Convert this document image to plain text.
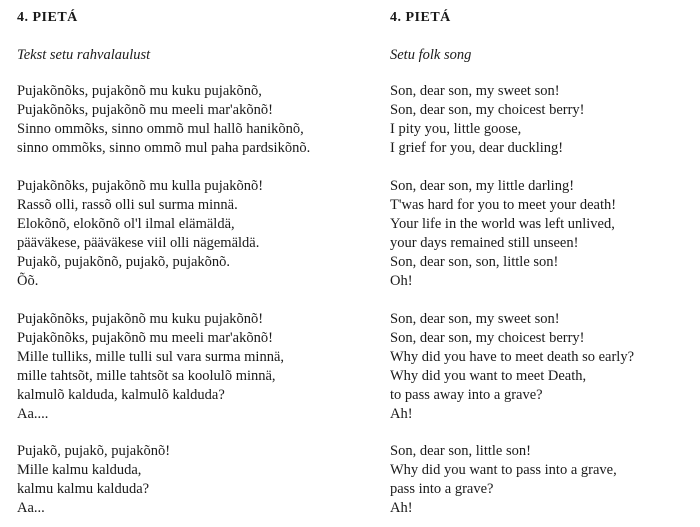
4. PIETÁ
Tekst setu rahvalaulust
Pujakõnõks, pujakõnõ mu kuku pujakõnõ,
Pujakõnõks, pujakõnõ mu meeli mar'akõnõ!
Sinno ommõks, sinno ommõ mul hallõ hanikõnõ,
sinno ommõks, sinno ommõ mul paha pardsikõnõ.
Pujakõnõks, pujakõnõ mu kulla pujakõnõ!
Rassõ olli, rassõ olli sul surma minnä.
Elokõnõ, elokõnõ ol'l ilmal elämäldä,
pääväkese, pääväkese viil olli nägemäldä.
Pujakõ, pujakõnõ, pujakõ, pujakõnõ.
Õõ.
Pujakõnõks, pujakõnõ mu kuku pujakõnõ!
Pujakõnõks, pujakõnõ mu meeli mar'akõnõ!
Mille tulliks, mille tulli sul vara surma minnä,
mille tahtsõt, mille tahtsõt sa koolulõ minnä,
kalmulõ kalduda, kalmulõ kalduda?
Aa....
Pujakõ, pujakõ, pujakõnõ!
Mille kalmu kalduda,
kalmu kalmu kalduda?
Aa...
4. PIETÁ
Setu folk song
Son, dear son, my sweet son!
Son, dear son, my choicest berry!
I pity you, little goose,
I grief for you, dear duckling!
Son, dear son, my little darling!
T'was hard for you to meet your death!
Your life in the world was left unlived,
your days remained still unseen!
Son, dear son, son, little son!
Oh!
Son, dear son, my sweet son!
Son, dear son, my choicest berry!
Why did you have to meet death so early?
Why did you want to meet Death,
to pass away into a grave?
Ah!
Son, dear son, little son!
Why did you want to pass into a grave,
pass into a grave?
Ah!
